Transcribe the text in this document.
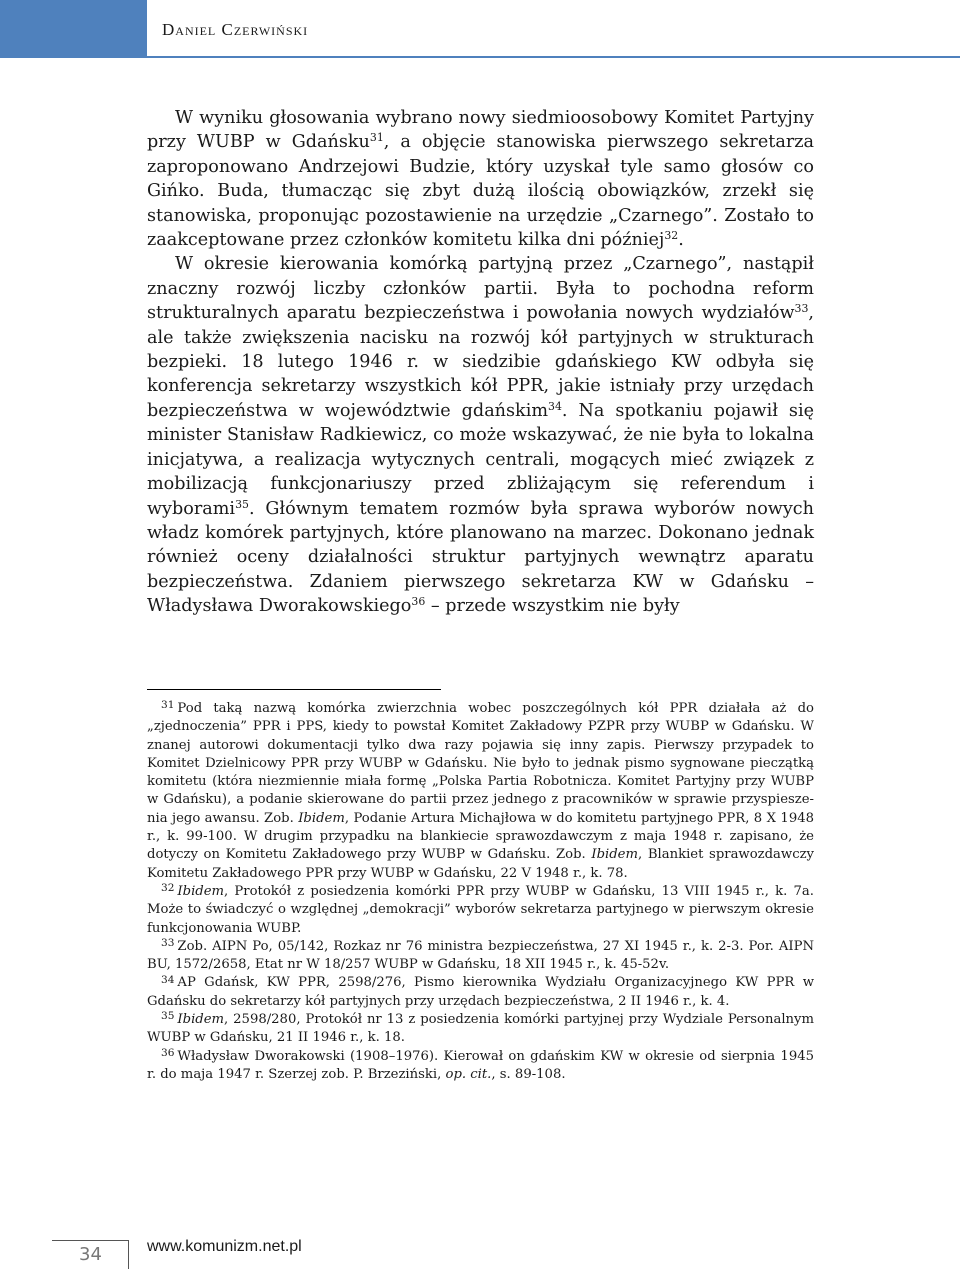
Daniel Czerwiński

W wyniku głosowania wybrano nowy siedmioosobowy Komitet Partyjny przy WUBP w Gdańsku$^{31}$, a objęcie stanowiska pierwszego sekretarza zaproponowano Andrzejowi Budzie, który uzyskał tyle samo głosów co Gińko. Buda, tłumacząc się zbyt dużą ilością obowiązków, zrzekł się stanowiska, proponując pozostawienie na urzędzie „Czarnego”. Zostało to zaakceptowane przez członków komitetu kilka dni później$^{32}$.

W okresie kierowania komórką partyjną przez „Czarnego”, nastąpił znaczny rozwój liczby członków partii. Była to pochodna reform strukturalnych aparatu bezpieczeństwa i powołania nowych wydziałów$^{33}$, ale także zwiększenia nacisku na rozwój kół partyjnych w strukturach bezpieki. 18 lutego 1946 r. w siedzibie gdańskiego KW odbyła się konferencja sekretarzy wszystkich kół PPR, jakie istniały przy urzędach bezpieczeństwa w województwie gdańskim$^{34}$. Na spotkaniu pojawił się minister Stanisław Radkiewicz, co może wskazywać, że nie była to lokalna inicjatywa, a realizacja wytycznych centrali, mogących mieć związek z mobilizacją funkcjonariuszy przed zbliżającym się referendum i wyborami$^{35}$. Głównym tematem rozmów była sprawa wyborów nowych władz komórek partyjnych, które planowano na marzec. Dokonano jednak również oceny działalności struktur partyjnych wewnątrz aparatu bezpieczeństwa. Zdaniem pierwszego sekretarza KW w Gdańsku – Władysława Dworakowskiego$^{36}$ – przede wszystkim nie były

$^{31}$ Pod taką nazwą komórka zwierzchnia wobec poszczególnych kół PPR działała aż do „zjednoczenia” PPR i PPS, kiedy to powstał Komitet Zakładowy PZPR przy WUBP w Gdańsku. W znanej autorowi dokumentacji tylko dwa razy pojawia się inny zapis. Pierwszy przypadek to Komitet Dzielnicowy PPR przy WUBP w Gdańsku. Nie było to jednak pismo sygnowane pieczątką komitetu (która niezmiennie miała formę „Polska Partia Robotnicza. Komitet Partyjny przy WUBP w Gdańsku), a podanie skierowane do partii przez jednego z pracowników w sprawie przyspieszenia jego awansu. Zob. Ibidem, Podanie Artura Michajłowa w do komitetu partyjnego PPR, 8 X 1948 r., k. 99-100. W drugim przypadku na blankiecie sprawozdawczym z maja 1948 r. zapisano, że dotyczy on Komitetu Zakładowego przy WUBP w Gdańsku. Zob. Ibidem, Blankiet sprawozdawczy Komitetu Zakładowego PPR przy WUBP w Gdańsku, 22 V 1948 r., k. 78.

$^{32}$ Ibidem, Protokół z posiedzenia komórki PPR przy WUBP w Gdańsku, 13 VIII 1945 r., k. 7a. Może to świadczyć o względnej „demokracji” wyborów sekretarza partyjnego w pierwszym okresie funkcjonowania WUBP.

$^{33}$ Zob. AIPN Po, 05/142, Rozkaz nr 76 ministra bezpieczeństwa, 27 XI 1945 r., k. 2-3. Por. AIPN BU, 1572/2658, Etat nr W 18/257 WUBP w Gdańsku, 18 XII 1945 r., k. 45-52v.

$^{34}$ AP Gdańsk, KW PPR, 2598/276, Pismo kierownika Wydziału Organizacyjnego KW PPR w Gdańsku do sekretarzy kół partyjnych przy urzędach bezpieczeństwa, 2 II 1946 r., k. 4.

$^{35}$ Ibidem, 2598/280, Protokół nr 13 z posiedzenia komórki partyjnej przy Wydziale Personalnym WUBP w Gdańsku, 21 II 1946 r., k. 18.

$^{36}$ Władysław Dworakowski (1908–1976). Kierował on gdańskim KW w okresie od sierpnia 1945 r. do maja 1947 r. Szerzej zob. P. Brzeziński, op. cit., s. 89-108.

34	www.komunizm.net.pl
